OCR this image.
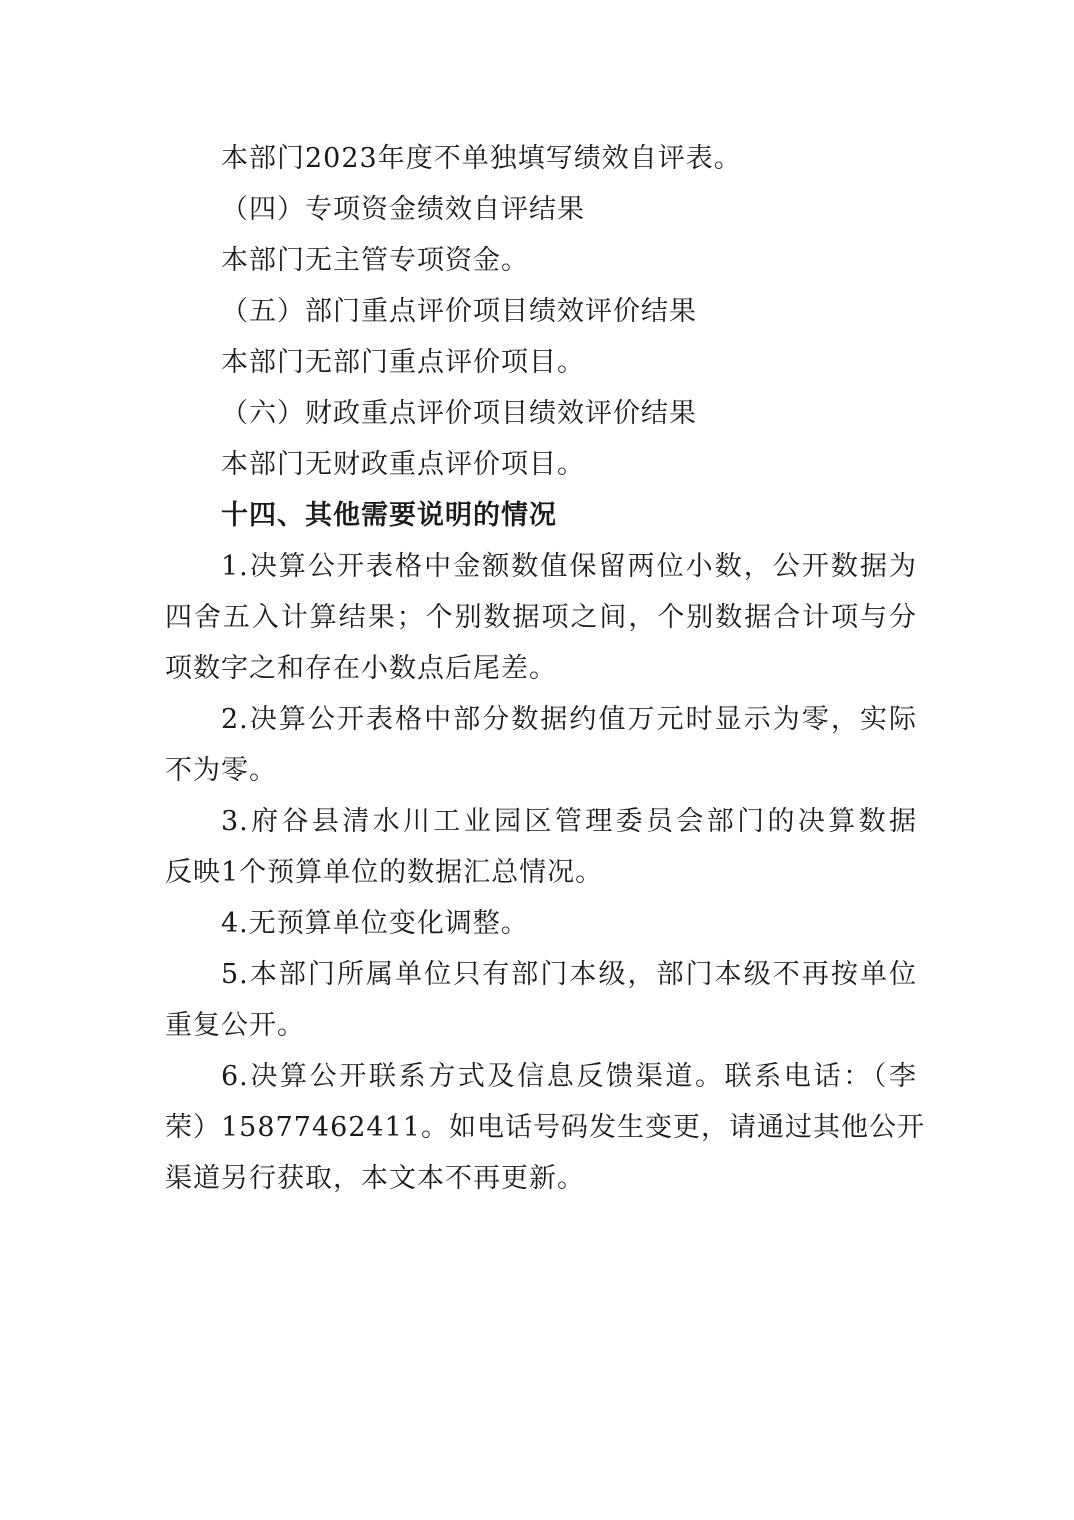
本部门2023年度不单独填写绩效自评表。

（四）专项资金绩效自评结果

本部门无主管专项资金。

（五）部门重点评价项目绩效评价结果

本部门无部门重点评价项目。

（六）财政重点评价项目绩效评价结果

本部门无财政重点评价项目。

十四、其他需要说明的情况

1.决算公开表格中金额数值保留两位小数，公开数据为

四舍五入计算结果；个别数据项之间，个别数据合计项与分

项数字之和存在小数点后尾差。

2.决算公开表格中部分数据约值万元时显示为零，实际

不为零。

3.府谷县清水川工业园区管理委员会部门的决算数据

反映1个预算单位的数据汇总情况。

4.无预算单位变化调整。

5.本部门所属单位只有部门本级，部门本级不再按单位

重复公开。

6.决算公开联系方式及信息反馈渠道。联系电话：（李

荣）15877462411。如电话号码发生变更，请通过其他公开

渠道另行获取，本文本不再更新。
